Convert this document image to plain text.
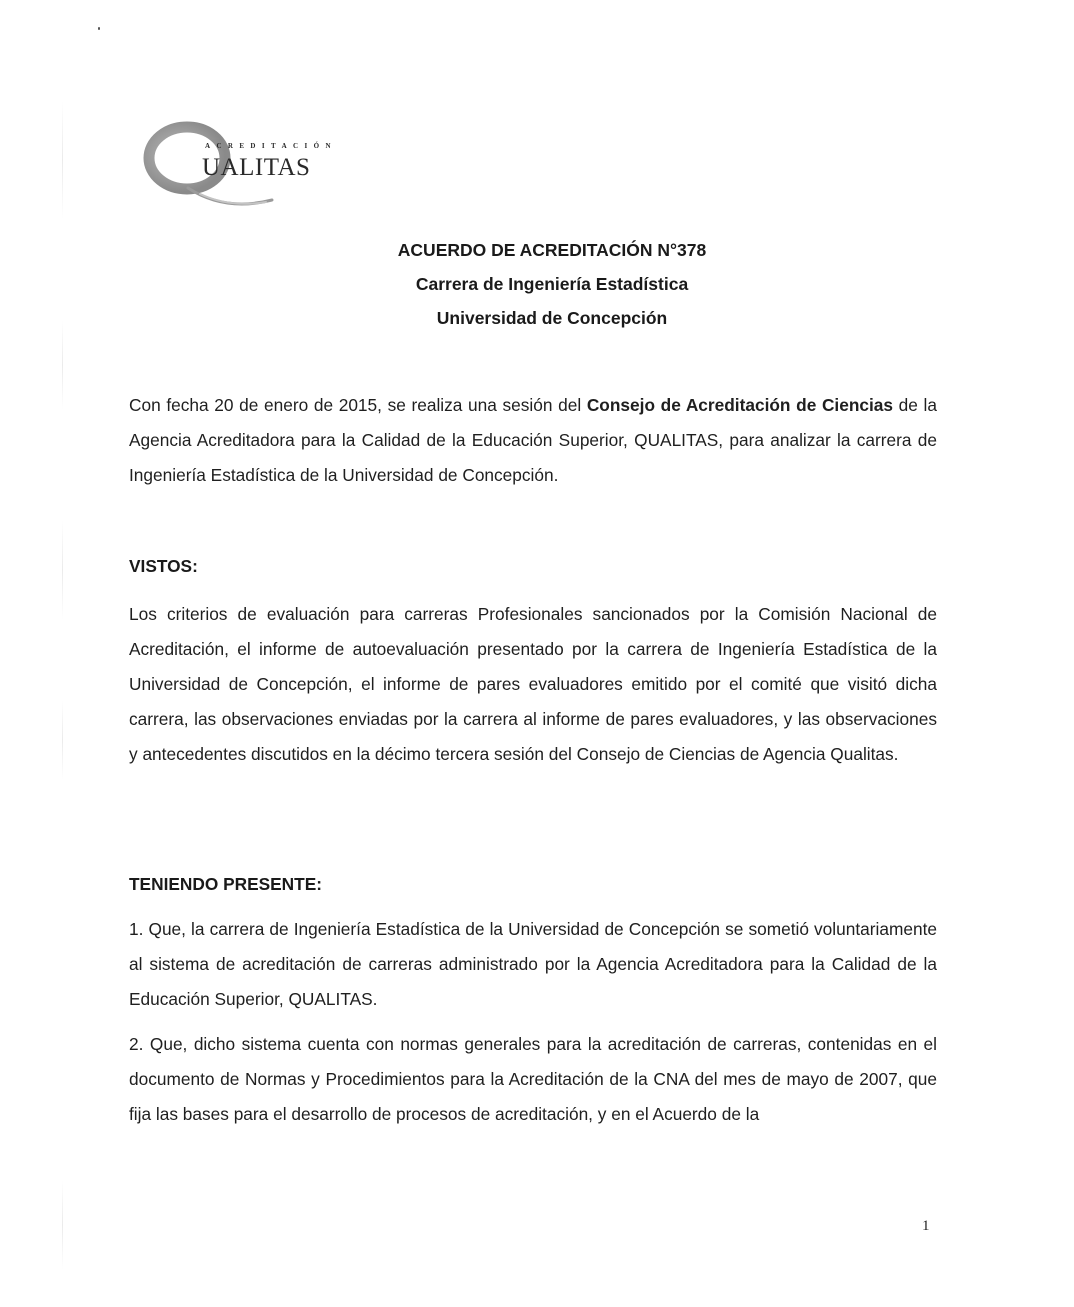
ACREDITACIÓN
UALITAS
ACUERDO DE ACREDITACIÓN N°378
Carrera de Ingeniería Estadística
Universidad de Concepción
Con fecha 20 de enero de 2015, se realiza una sesión del Consejo de Acreditación de Ciencias de la Agencia Acreditadora para la Calidad de la Educación Superior, QUALITAS, para analizar la carrera de Ingeniería Estadística de la Universidad de Concepción.
VISTOS:
Los criterios de evaluación para carreras Profesionales sancionados por la Comisión Nacional de Acreditación, el informe de autoevaluación presentado por la carrera de Ingeniería Estadística de la Universidad de Concepción, el informe de pares evaluadores emitido por el comité que visitó dicha carrera, las observaciones enviadas por la carrera al informe de pares evaluadores, y las observaciones y antecedentes discutidos en la décimo tercera sesión del Consejo de Ciencias de Agencia Qualitas.
TENIENDO PRESENTE:
1. Que, la carrera de Ingeniería Estadística de la Universidad de Concepción se sometió voluntariamente al sistema de acreditación de carreras administrado por la Agencia Acreditadora para la Calidad de la Educación Superior, QUALITAS.
2. Que, dicho sistema cuenta con normas generales para la acreditación de carreras, contenidas en el documento de Normas y Procedimientos para la Acreditación de la CNA del mes de mayo de 2007, que fija las bases para el desarrollo de procesos de acreditación, y en el Acuerdo de la
1
